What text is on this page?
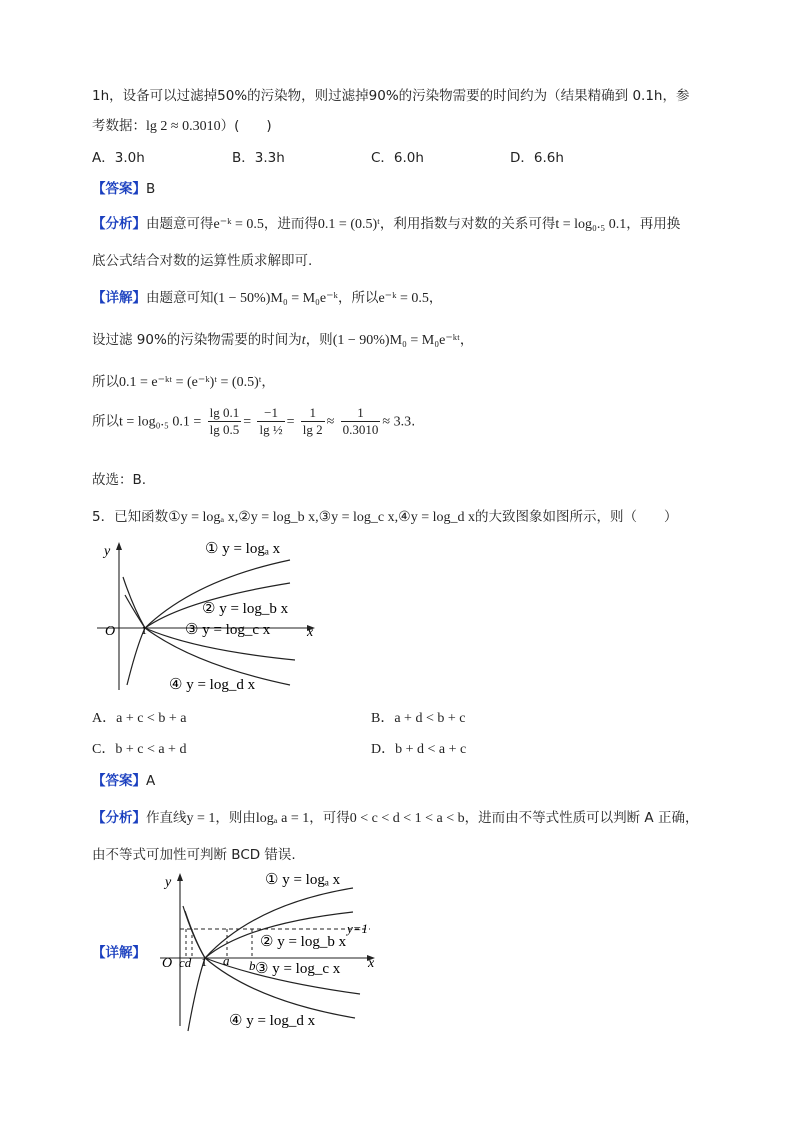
1h，设备可以过滤掉50%的污染物，则过滤掉90%的污染物需要的时间约为（结果精确到 0.1h，参
考数据：lg 2 ≈ 0.3010）(　　)
A．3.0h	B．3.3h	C．6.0h	D．6.6h
【答案】B
【分析】由题意可得e⁻ᵏ = 0.5，进而得0.1 = (0.5)ᵗ，利用指数与对数的关系可得t = log₀.₅ 0.1，再用换
底公式结合对数的运算性质求解即可.
【详解】由题意可知(1 − 50%)M₀ = M₀e⁻ᵏ，所以e⁻ᵏ = 0.5，
设过滤 90%的污染物需要的时间为t，则(1 − 90%)M₀ = M₀e⁻ᵏᵗ，
所以0.1 = e⁻ᵏᵗ = (e⁻ᵏ)ᵗ = (0.5)ᵗ，
所以t = log₀.₅ $0.1 = \frac{\lg 0.1}{\lg 0.5} = \frac{-1}{\text{lg ½}} = \frac{1}{\lg 2} \approx \frac{1}{0.3010} \approx 3.3$.
故选：B.
5．已知函数①y = logₐ x,②y = log_b x,③y = log_c x,④y = log_d x的大致图象如图所示，则（　　）
y
x
O 1
① y = logₐ x
② y = log_b x
③ y = log_c x
④ y = log_d x
A．a + c < b + a	B．a + d < b + c
C．b + c < a + d	D．b + d < a + c
【答案】A
【分析】作直线y = 1，则由logₐ a = 1，可得0 < c < d < 1 < a < b，进而由不等式性质可以判断 A 正确，
由不等式可加性可判断 BCD 错误.
【详解】
y
x
O cd 1 a b
y=1
① y = logₐ x
② y = log_b x
③ y = log_c x
④ y = log_d x
